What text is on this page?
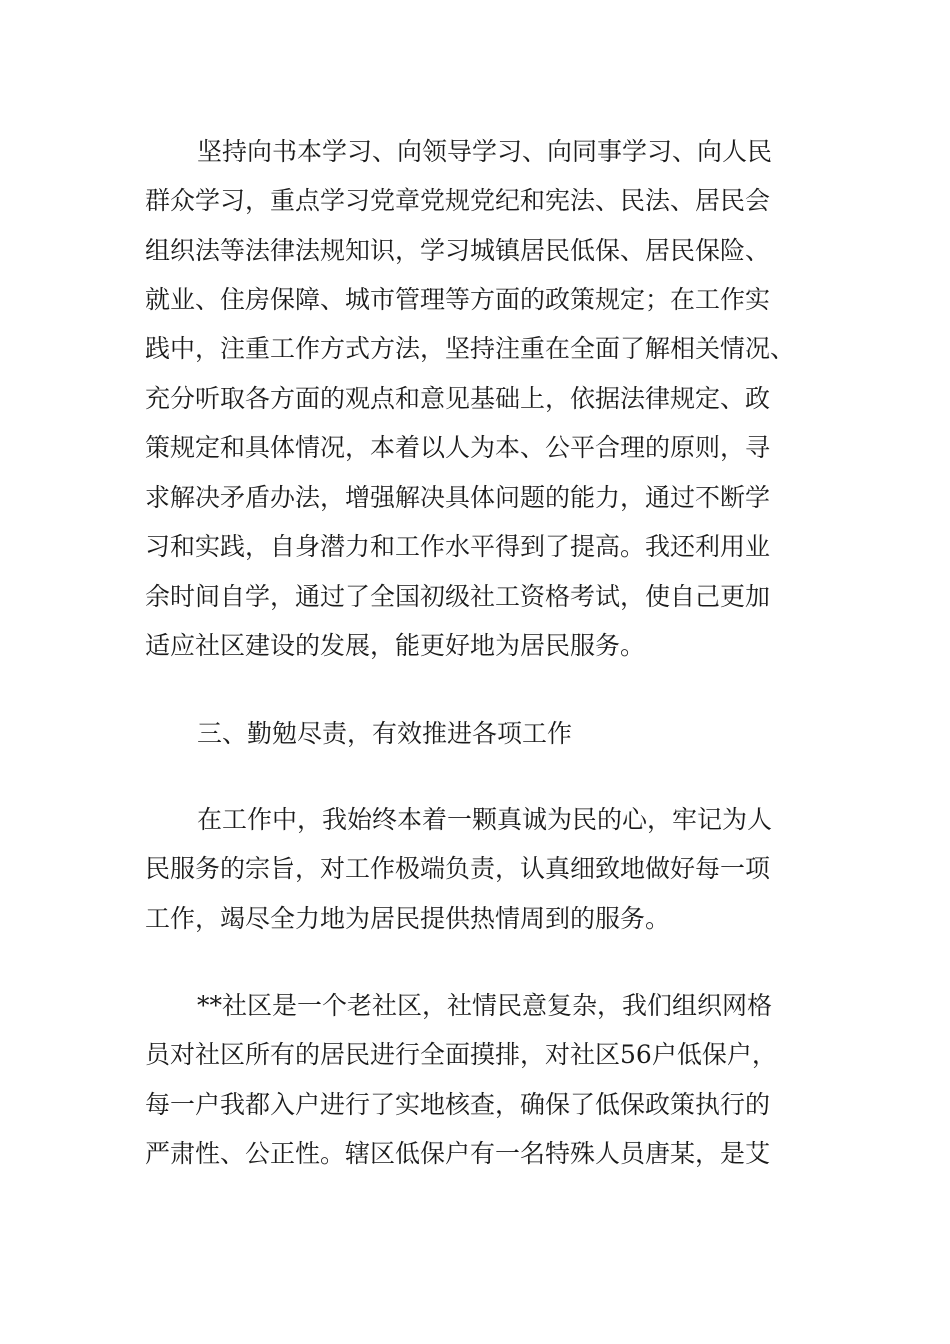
坚持向书本学习、向领导学习、向同事学习、向人民
群众学习，重点学习党章党规党纪和宪法、民法、居民会
组织法等法律法规知识，学习城镇居民低保、居民保险、
就业、住房保障、城市管理等方面的政策规定；在工作实
践中，注重工作方式方法，坚持注重在全面了解相关情况、
充分听取各方面的观点和意见基础上，依据法律规定、政
策规定和具体情况，本着以人为本、公平合理的原则，寻
求解决矛盾办法，增强解决具体问题的能力，通过不断学
习和实践，自身潜力和工作水平得到了提高。我还利用业
余时间自学，通过了全国初级社工资格考试，使自己更加
适应社区建设的发展，能更好地为居民服务。
三、勤勉尽责，有效推进各项工作
在工作中，我始终本着一颗真诚为民的心，牢记为人
民服务的宗旨，对工作极端负责，认真细致地做好每一项
工作，竭尽全力地为居民提供热情周到的服务。
**社区是一个老社区，社情民意复杂，我们组织网格
员对社区所有的居民进行全面摸排，对社区56户低保户，
每一户我都入户进行了实地核查，确保了低保政策执行的
严肃性、公正性。辖区低保户有一名特殊人员唐某，是艾
